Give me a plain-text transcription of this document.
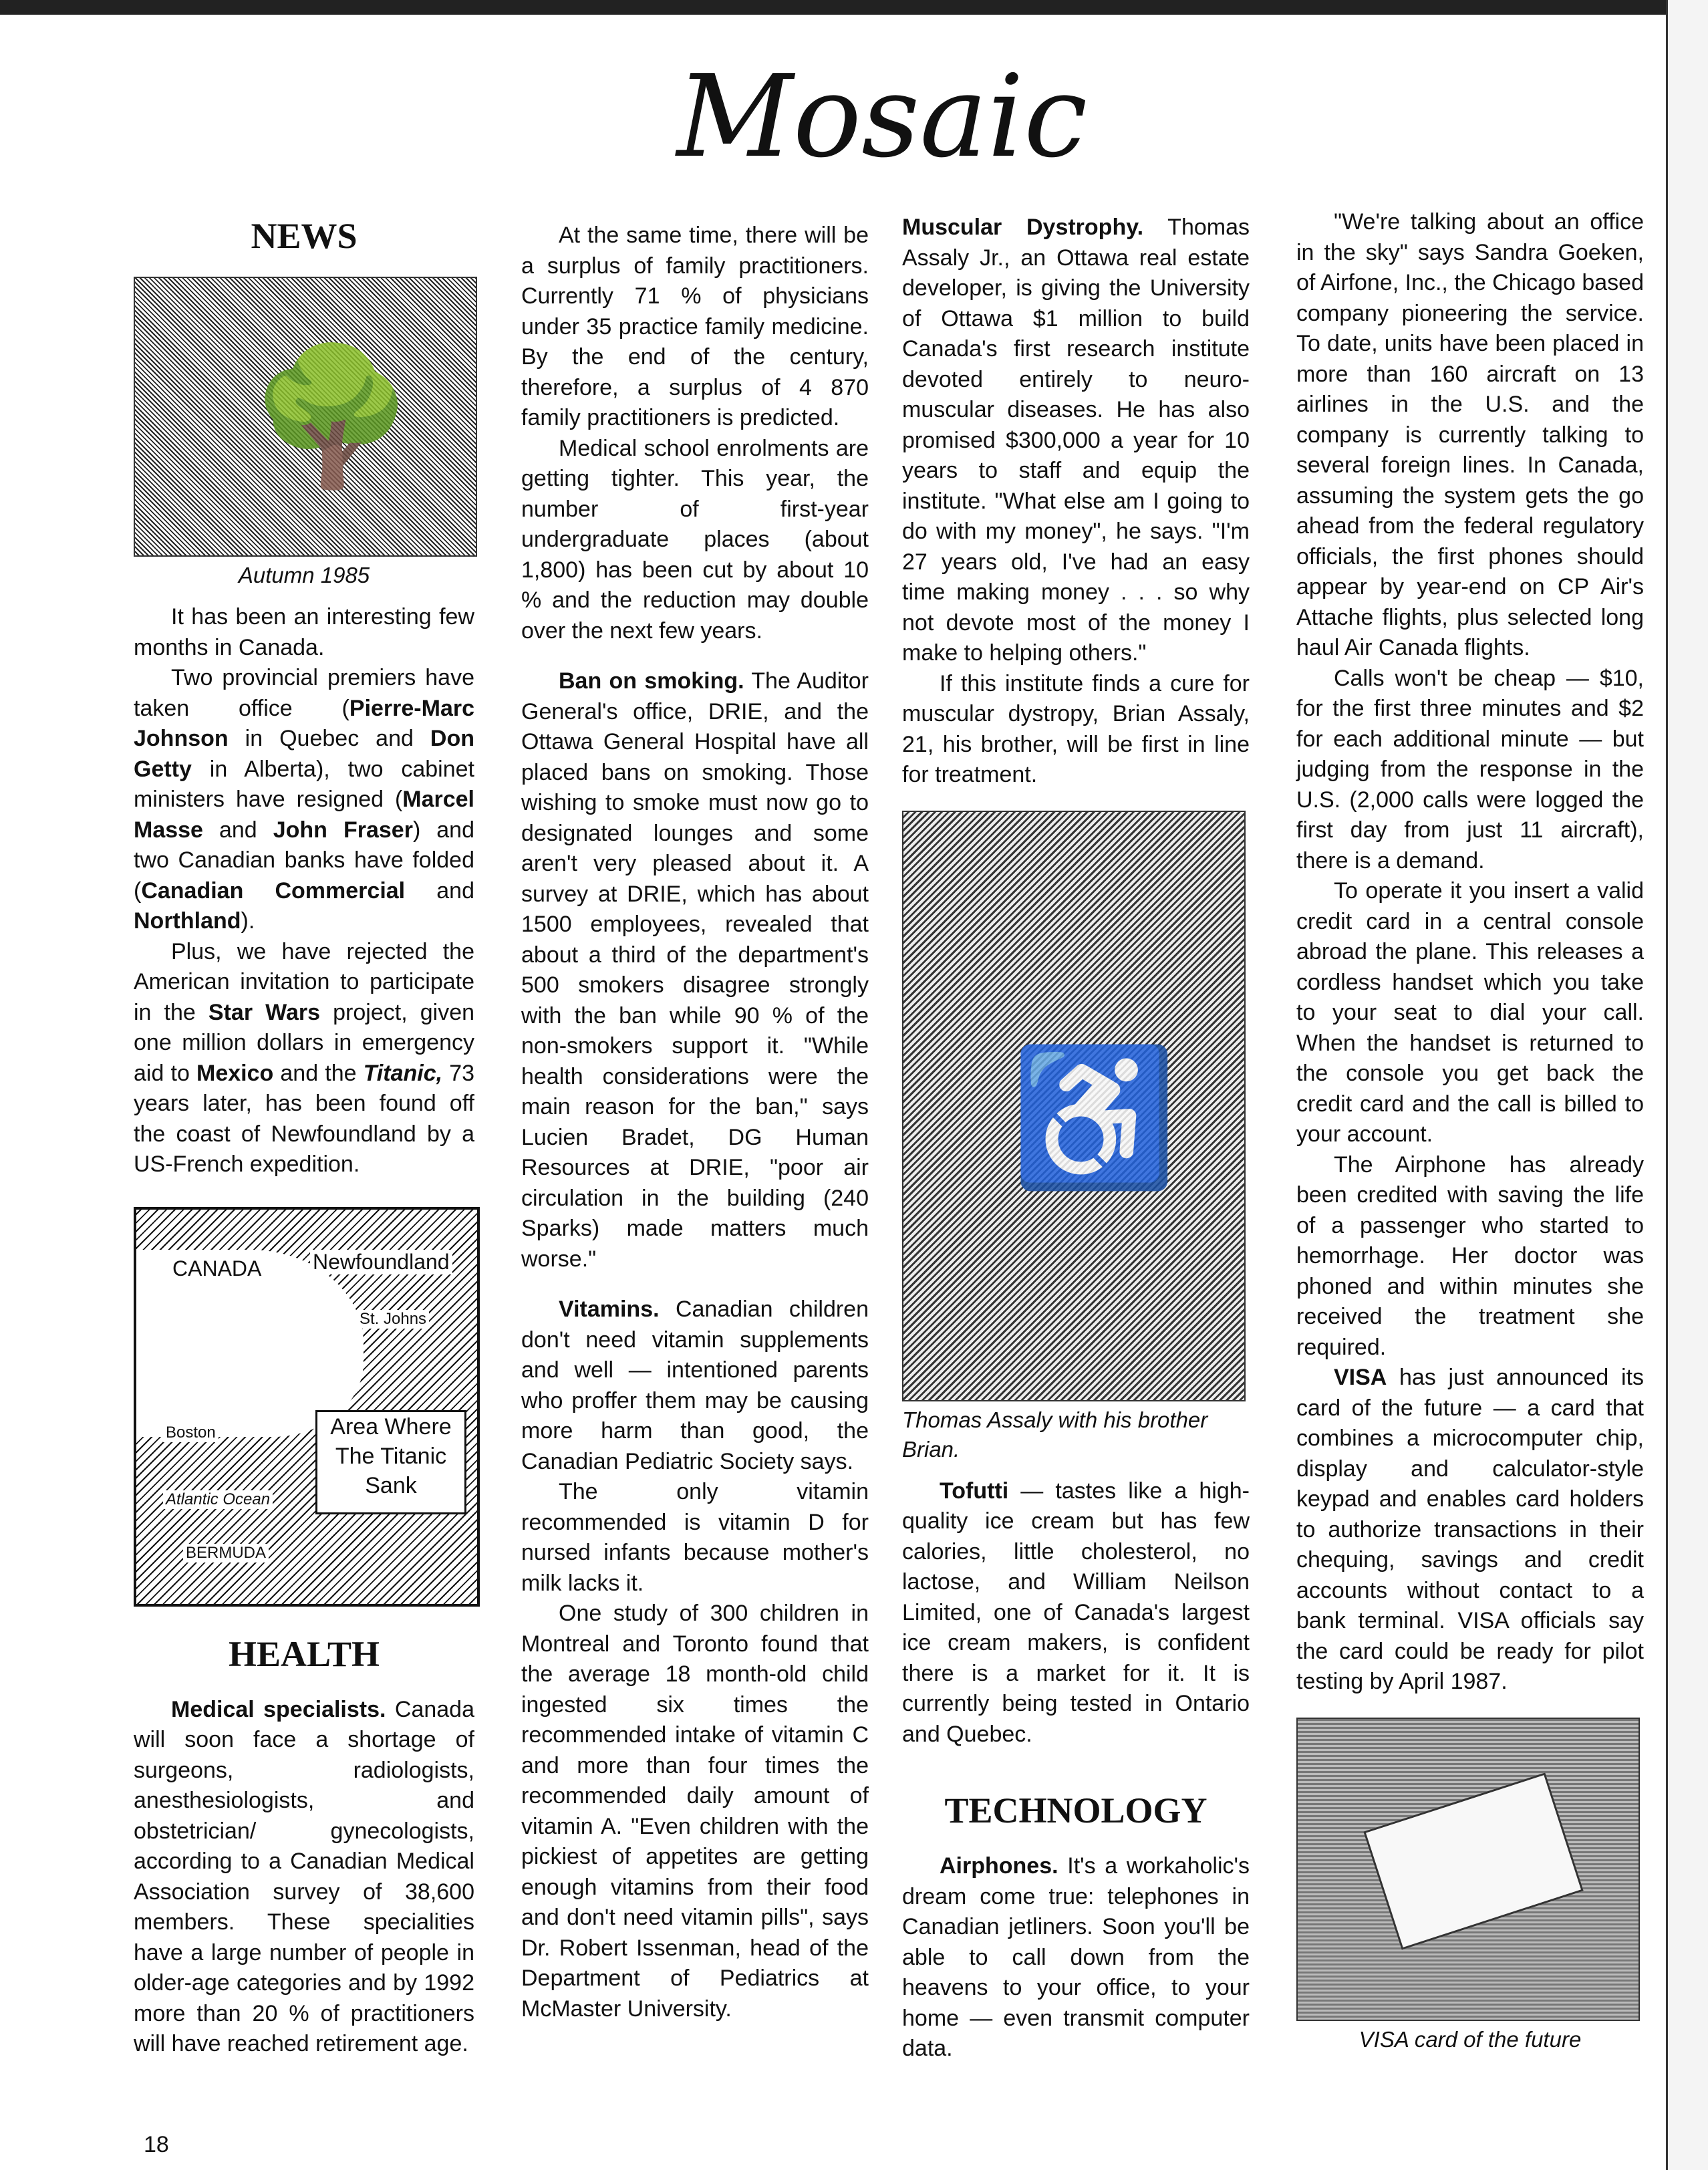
Mosaic
NEWS
🌳
Autumn 1985

It has been an interesting few months in Canada.

Two provincial premiers have taken office (Pierre-Marc Johnson in Quebec and Don Getty in Alberta), two cabinet ministers have resigned (Marcel Masse and John Fraser) and two Canadian banks have folded (Canadian Commercial and Northland).

Plus, we have rejected the American invitation to participate in the Star Wars project, given one million dollars in emergency aid to Mexico and the Titanic, 73 years later, has been found off the coast of Newfoundland by a US-French expedition.

CANADA Newfoundland
St. Johns
Boston
Atlantic Ocean
BERMUDA
Area Where
The Titanic
Sank
HEALTH

Medical specialists. Canada will soon face a shortage of surgeons, radiologists, anesthesiologists, and obstetrician/ gynecologists, according to a Canadian Medical Association survey of 38,600 members. These specialities have a large number of people in older-age categories and by 1992 more than 20 % of practitioners will have reached retirement age.

At the same time, there will be a surplus of family practitioners. Currently 71 % of physicians under 35 practice family medicine. By the end of the century, therefore, a surplus of 4 870 family practitioners is predicted.

Medical school enrolments are getting tighter. This year, the number of first-year undergraduate places (about 1,800) has been cut by about 10 % and the reduction may double over the next few years.

Ban on smoking. The Auditor General's office, DRIE, and the Ottawa General Hospital have all placed bans on smoking. Those wishing to smoke must now go to designated lounges and some aren't very pleased about it. A survey at DRIE, which has about 1500 employees, revealed that about a third of the department's 500 smokers disagree strongly with the ban while 90 % of the non-smokers support it. "While health considerations were the main reason for the ban," says Lucien Bradet, DG Human Resources at DRIE, "poor air circulation in the building (240 Sparks) made matters much worse."

Vitamins. Canadian children don't need vitamin supplements and well — intentioned parents who proffer them may be causing more harm than good, the Canadian Pediatric Society says.

The only vitamin recommended is vitamin D for nursed infants because mother's milk lacks it.

One study of 300 children in Montreal and Toronto found that the average 18 month-old child ingested six times the recommended intake of vitamin C and more than four times the recommended daily amount of vitamin A. "Even children with the pickiest of appetites are getting enough vitamins from their food and don't need vitamin pills", says Dr. Robert Issenman, head of the Department of Pediatrics at McMaster University.

Muscular Dystrophy. Thomas Assaly Jr., an Ottawa real estate developer, is giving the University of Ottawa $1 million to build Canada's first research institute devoted entirely to neuro-muscular diseases. He has also promised $300,000 a year for 10 years to staff and equip the institute. "What else am I going to do with my money", he says. "I'm 27 years old, I've had an easy time making money . . . so why not devote most of the money I make to helping others."

If this institute finds a cure for muscular dystropy, Brian Assaly, 21, his brother, will be first in line for treatment.

♿
Thomas Assaly with his brother Brian.

Tofutti — tastes like a high-quality ice cream but has few calories, little cholesterol, no lactose, and William Neilson Limited, one of Canada's largest ice cream makers, is confident there is a market for it. It is currently being tested in Ontario and Quebec.

TECHNOLOGY

Airphones. It's a workaholic's dream come true: telephones in Canadian jetliners. Soon you'll be able to call down from the heavens to your office, to your home — even transmit computer data.

"We're talking about an office in the sky" says Sandra Goeken, of Airfone, Inc., the Chicago based company pioneering the service. To date, units have been placed in more than 160 aircraft on 13 airlines in the U.S. and the company is currently talking to several foreign lines. In Canada, assuming the system gets the go ahead from the federal regulatory officials, the first phones should appear by year-end on CP Air's Attache flights, plus selected long haul Air Canada flights.

Calls won't be cheap — $10, for the first three minutes and $2 for each additional minute — but judging from the response in the U.S. (2,000 calls were logged the first day from just 11 aircraft), there is a demand.

To operate it you insert a valid credit card in a central console abroad the plane. This releases a cordless handset which you take to your seat to dial your call. When the handset is returned to the console you get back the credit card and the call is billed to your account.

The Airphone has already been credited with saving the life of a passenger who started to hemorrhage. Her doctor was phoned and within minutes she received the treatment she required.

VISA has just announced its card of the future — a card that combines a microcomputer chip, display and calculator-style keypad and enables card holders to authorize transactions in their chequing, savings and credit accounts without contact to a bank terminal. VISA officials say the card could be ready for pilot testing by April 1987.

VISA card of the future
18
